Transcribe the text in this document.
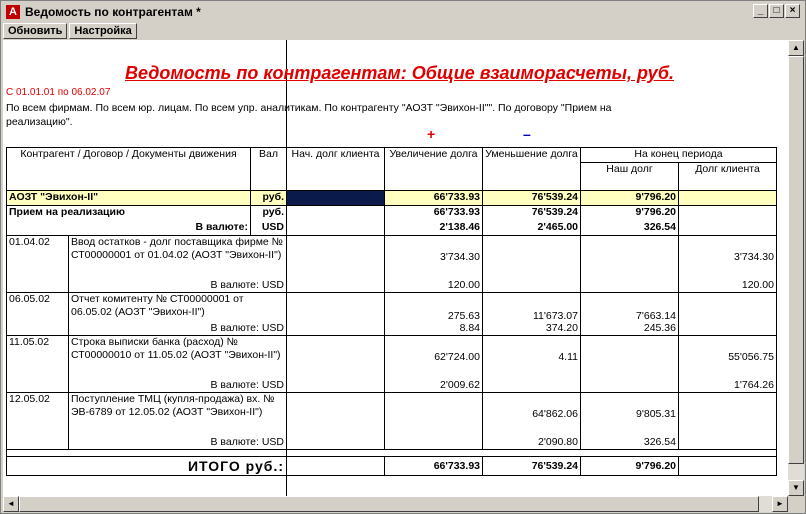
A Ведомость по контрагентам *	_	□	×
Обновить	Настройка
Ведомость по контрагентам: Общие взаиморасчеты, руб.
С 01.01.01 по 06.02.07
По всем фирмам. По всем юр. лицам. По всем упр. аналитикам. По контрагенту "АОЗТ "Эвихон-II"". По договору "Прием на реализацию".
+	–
Контрагент / Договор / Документы движения		Вал	Нач. долг клиента	Увеличение долга	Уменьшение долга	На конец периода	
						Наш долг	Долг клиента
АОЗТ "Эвихон-II"		руб.		66'733.93	76'539.24	9'796.20	
Прием на реализацию		руб.		66'733.93	76'539.24	9'796.20	
В валюте:		USD		2'138.46	2'465.00	326.54	
01.04.02	Ввод остатков - долг поставщика фирме № СТ00000001 от 01.04.02 (АОЗТ "Эвихон-II")			3'734.30			3'734.30
	В валюте: USD			120.00			120.00
06.05.02	Отчет комитенту № СТ00000001 от 06.05.02 (АОЗТ "Эвихон-II")			275.63	11'673.07	7'663.14	
	В валюте: USD			8.84	374.20	245.36	
11.05.02	Строка выписки банка (расход) № СТ00000010 от 11.05.02 (АОЗТ "Эвихон-II")			62'724.00	4.11		55'056.75
	В валюте: USD			2'009.62			1'764.26
12.05.02	Поступление ТМЦ (купля-продажа) вх. № ЭВ-6789 от 12.05.02 (АОЗТ "Эвихон-II")				64'862.06	9'805.31	
	В валюте: USD				2'090.80	326.54	

ИТОГО руб.:				66'733.93	76'539.24	9'796.20	
▲
▼
◄	►
